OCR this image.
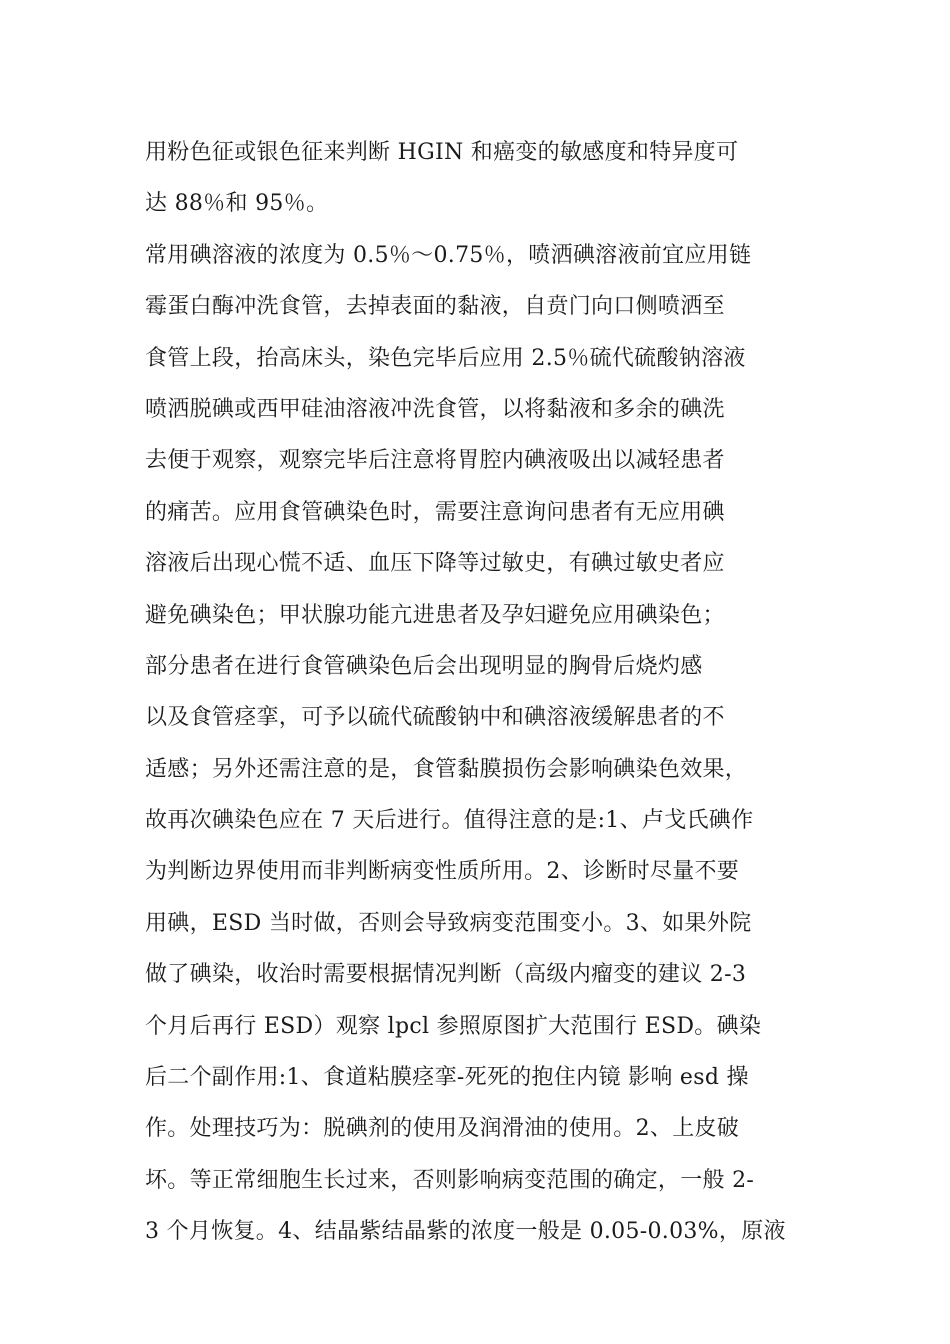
用粉色征或银色征来判断 HGIN 和癌变的敏感度和特异度可
达 88％和 95％。
常用碘溶液的浓度为 0.5％～0.75％，喷洒碘溶液前宜应用链
霉蛋白酶冲洗食管，去掉表面的黏液，自贲门向口侧喷洒至
食管上段，抬高床头，染色完毕后应用 2.5％硫代硫酸钠溶液
喷洒脱碘或西甲硅油溶液冲洗食管，以将黏液和多余的碘洗
去便于观察，观察完毕后注意将胃腔内碘液吸出以减轻患者
的痛苦。应用食管碘染色时，需要注意询问患者有无应用碘
溶液后出现心慌不适、血压下降等过敏史，有碘过敏史者应
避免碘染色；甲状腺功能亢进患者及孕妇避免应用碘染色；
部分患者在进行食管碘染色后会出现明显的胸骨后烧灼感
以及食管痉挛，可予以硫代硫酸钠中和碘溶液缓解患者的不
适感；另外还需注意的是，食管黏膜损伤会影响碘染色效果，
故再次碘染色应在 7 天后进行。值得注意的是:1、卢戈氏碘作
为判断边界使用而非判断病变性质所用。2、诊断时尽量不要
用碘，ESD 当时做，否则会导致病变范围变小。3、如果外院
做了碘染，收治时需要根据情况判断（高级内瘤变的建议 2-3
个月后再行 ESD）观察 lpcl 参照原图扩大范围行 ESD。碘染
后二个副作用:1、食道粘膜痉挛-死死的抱住内镜 影响 esd 操
作。处理技巧为：脱碘剂的使用及润滑油的使用。2、上皮破
坏。等正常细胞生长过来，否则影响病变范围的确定，一般 2-
3 个月恢复。4、结晶紫结晶紫的浓度一般是 0.05-0.03%，原液
